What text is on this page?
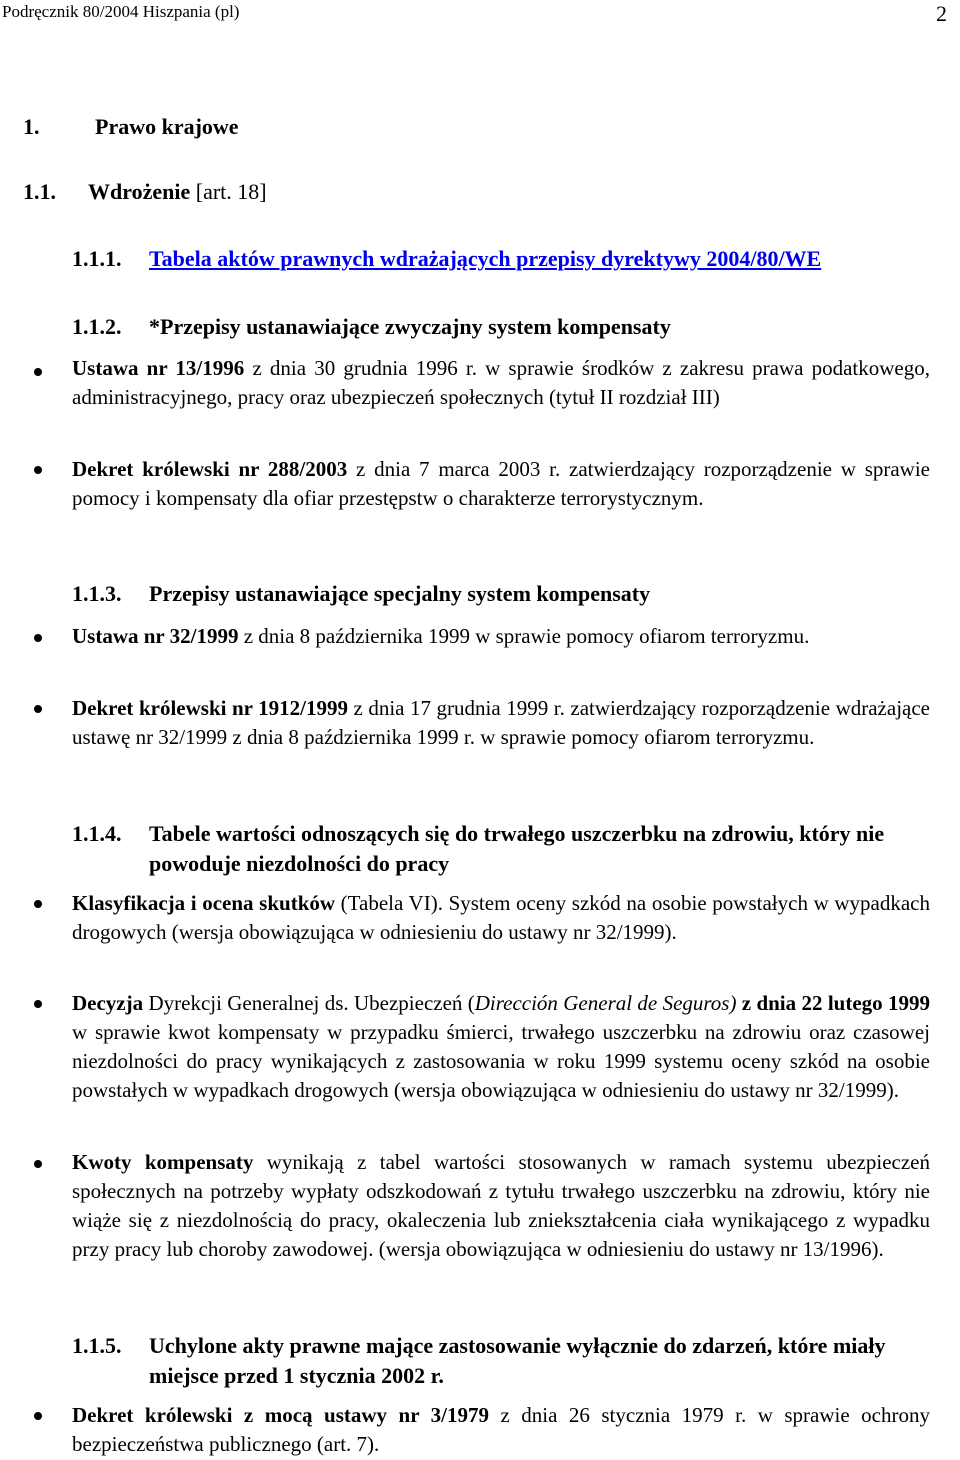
Podręcznik 80/2004 Hiszpania (pl)	2
1.	Prawo krajowe
1.1. Wdrożenie [art. 18]
1.1.1. Tabela aktów prawnych wdrażających przepisy dyrektywy 2004/80/WE
1.1.2. *Przepisy ustanawiające zwyczajny system kompensaty
Ustawa nr 13/1996 z dnia 30 grudnia 1996 r. w sprawie środków z zakresu prawa podatkowego, administracyjnego, pracy oraz ubezpieczeń społecznych (tytuł II rozdział III)
Dekret królewski nr 288/2003 z dnia 7 marca 2003 r. zatwierdzający rozporządzenie w sprawie pomocy i kompensaty dla ofiar przestępstw o charakterze terrorystycznym.
1.1.3. Przepisy ustanawiające specjalny system kompensaty
Ustawa nr 32/1999 z dnia 8 października 1999 w sprawie pomocy ofiarom terroryzmu.
Dekret królewski nr 1912/1999 z dnia 17 grudnia 1999 r. zatwierdzający rozporządzenie wdrażające ustawę nr 32/1999 z dnia 8 października 1999 r. w sprawie pomocy ofiarom terroryzmu.
1.1.4.	Tabele wartości odnoszących się do trwałego uszczerbku na zdrowiu, który nie powoduje niezdolności do pracy
Klasyfikacja i ocena skutków (Tabela VI). System oceny szkód na osobie powstałych w wypadkach drogowych (wersja obowiązująca w odniesieniu do ustawy nr 32/1999).
Decyzja Dyrekcji Generalnej ds. Ubezpieczeń (Dirección General de Seguros) z dnia 22 lutego 1999 w sprawie kwot kompensaty w przypadku śmierci, trwałego uszczerbku na zdrowiu oraz czasowej niezdolności do pracy wynikających z zastosowania w roku 1999 systemu oceny szkód na osobie powstałych w wypadkach drogowych (wersja obowiązująca w odniesieniu do ustawy nr 32/1999).
Kwoty kompensaty wynikają z tabel wartości stosowanych w ramach systemu ubezpieczeń społecznych na potrzeby wypłaty odszkodowań z tytułu trwałego uszczerbku na zdrowiu, który nie wiąże się z niezdolnością do pracy, okaleczenia lub zniekształcenia ciała wynikającego z wypadku przy pracy lub choroby zawodowej. (wersja obowiązująca w odniesieniu do ustawy nr 13/1996).
1.1.5.	Uchylone akty prawne mające zastosowanie wyłącznie do zdarzeń, które miały miejsce przed 1 stycznia 2002 r.
Dekret królewski z mocą ustawy nr 3/1979 z dnia 26 stycznia 1979 r. w sprawie ochrony bezpieczeństwa publicznego (art. 7).
